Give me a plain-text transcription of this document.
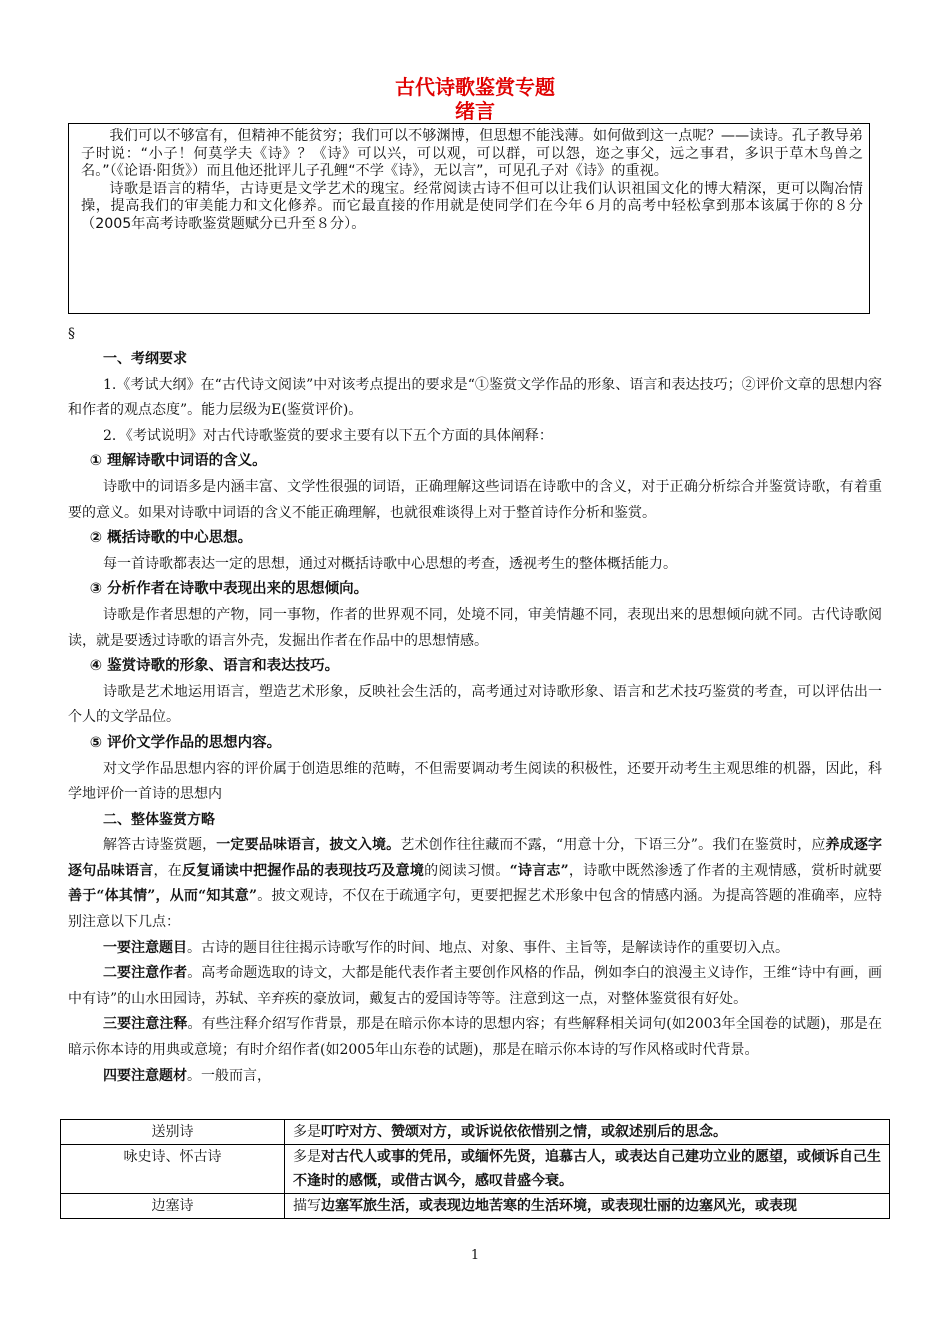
古代诗歌鉴赏专题
绪言

我们可以不够富有，但精神不能贫穷；我们可以不够渊博，但思想不能浅薄。如何做到这一点呢？——读诗。孔子教导弟子时说：“小子！何莫学夫《诗》？《诗》可以兴，可以观，可以群，可以怨，迩之事父，远之事君，多识于草木鸟兽之名。”（《论语·阳货》）而且他还批评儿子孔鲤“不学《诗》，无以言”，可见孔子对《诗》的重视。

诗歌是语言的精华，古诗更是文学艺术的瑰宝。经常阅读古诗不但可以让我们认识祖国文化的博大精深，更可以陶冶情操，提高我们的审美能力和文化修养。而它最直接的作用就是使同学们在今年６月的高考中轻松拿到那本该属于你的８分（2005年高考诗歌鉴赏题赋分已升至８分）。

§

一、考纲要求

1.《考试大纲》在“古代诗文阅读”中对该考点提出的要求是“①鉴赏文学作品的形象、语言和表达技巧；②评价文章的思想内容和作者的观点态度”。能力层级为E(鉴赏评价)。

2．《考试说明》对古代诗歌鉴赏的要求主要有以下五个方面的具体阐释：

① 理解诗歌中词语的含义。

诗歌中的词语多是内涵丰富、文学性很强的词语，正确理解这些词语在诗歌中的含义，对于正确分析综合并鉴赏诗歌，有着重要的意义。如果对诗歌中词语的含义不能正确理解，也就很难谈得上对于整首诗作分析和鉴赏。

② 概括诗歌的中心思想。

每一首诗歌都表达一定的思想，通过对概括诗歌中心思想的考查，透视考生的整体概括能力。

③ 分析作者在诗歌中表现出来的思想倾向。

诗歌是作者思想的产物，同一事物，作者的世界观不同，处境不同，审美情趣不同，表现出来的思想倾向就不同。古代诗歌阅读，就是要透过诗歌的语言外壳，发掘出作者在作品中的思想情感。

④ 鉴赏诗歌的形象、语言和表达技巧。

诗歌是艺术地运用语言，塑造艺术形象，反映社会生活的，高考通过对诗歌形象、语言和艺术技巧鉴赏的考查，可以评估出一个人的文学品位。

⑤ 评价文学作品的思想内容。

对文学作品思想内容的评价属于创造思维的范畴，不但需要调动考生阅读的积极性，还要开动考生主观思维的机器，因此，科学地评价一首诗的思想内

二、整体鉴赏方略

解答古诗鉴赏题，一定要品味语言，披文入境。艺术创作往往藏而不露，“用意十分，下语三分”。我们在鉴赏时，应养成逐字逐句品味语言，在反复诵读中把握作品的表现技巧及意境的阅读习惯。“诗言志”，诗歌中既然渗透了作者的主观情感，赏析时就要善于“体其情”，从而“知其意”。披文观诗，不仅在于疏通字句，更要把握艺术形象中包含的情感内涵。为提高答题的准确率，应特别注意以下几点：

一要注意题目。古诗的题目往往揭示诗歌写作的时间、地点、对象、事件、主旨等，是解读诗作的重要切入点。

二要注意作者。高考命题选取的诗文，大都是能代表作者主要创作风格的作品，例如李白的浪漫主义诗作，王维“诗中有画，画中有诗”的山水田园诗，苏轼、辛弃疾的豪放词，戴复古的爱国诗等等。注意到这一点，对整体鉴赏很有好处。

三要注意注释。有些注释介绍写作背景，那是在暗示你本诗的思想内容；有些解释相关词句(如2003年全国卷的试题)，那是在暗示你本诗的用典或意境；有时介绍作者(如2005年山东卷的试题)，那是在暗示你本诗的写作风格或时代背景。

四要注意题材。一般而言，

送别诗	多是叮咛对方、赞颂对方，或诉说依依惜别之情，或叙述别后的思念。
咏史诗、怀古诗	多是对古代人或事的凭吊，或缅怀先贤，追慕古人，或表达自己建功立业的愿望，或倾诉自己生不逢时的感慨，或借古讽今，感叹昔盛今衰。
边塞诗	描写边塞军旅生活，或表现边地苦寒的生活环境，或表现壮丽的边塞风光，或表现
1
